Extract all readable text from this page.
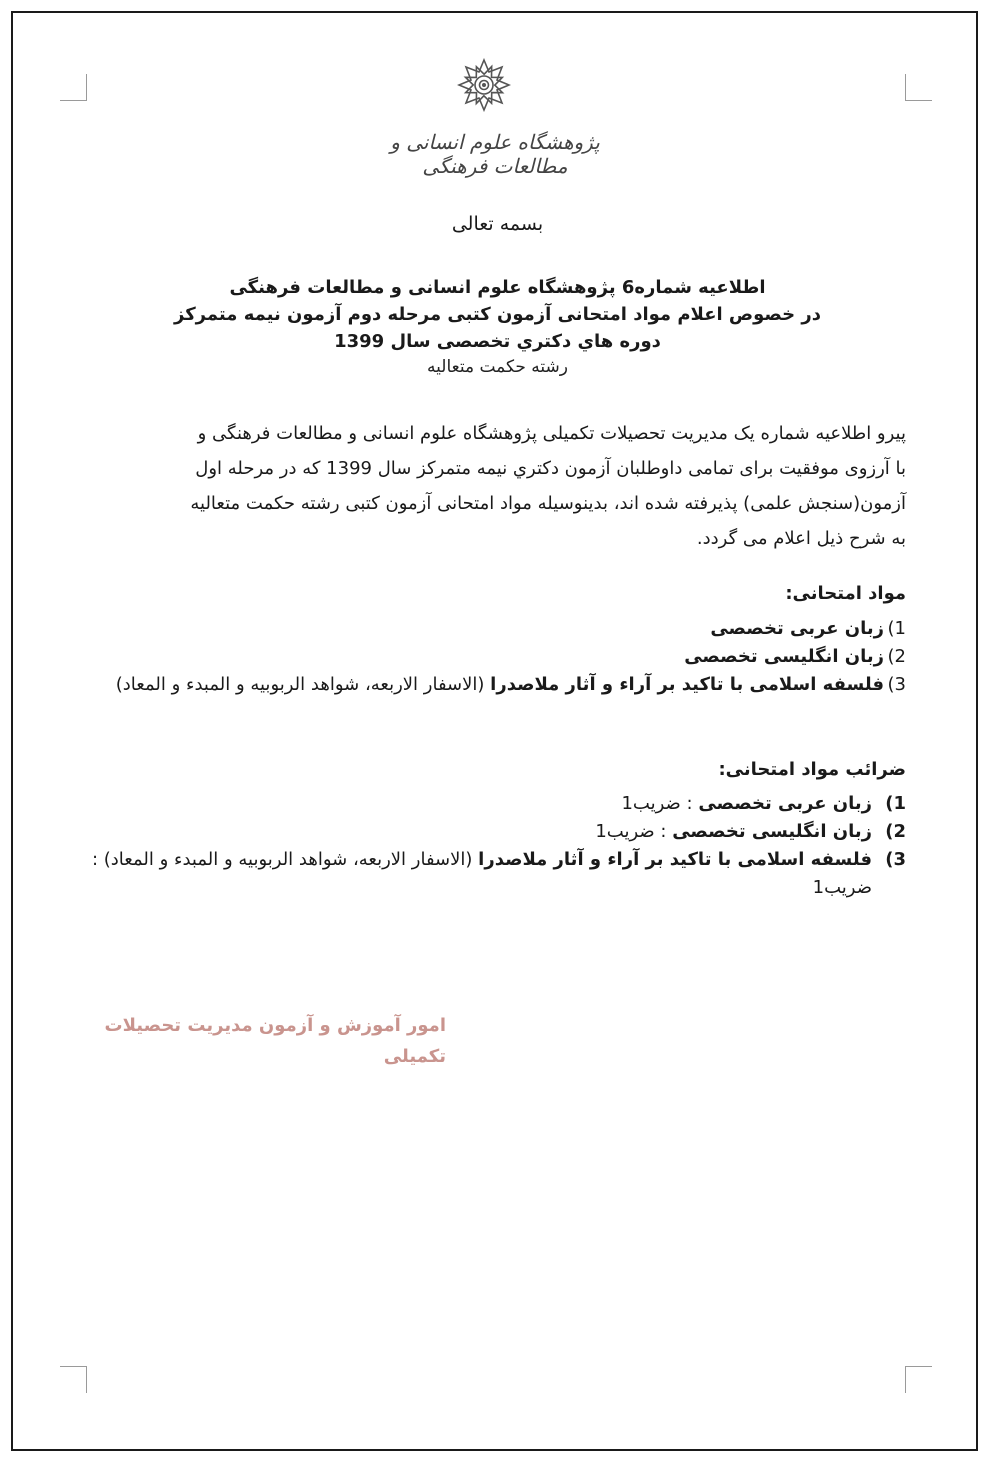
پژوهشگاه علوم انسانی و مطالعات فرهنگی
بسمه تعالی
اطلاعیه شماره6 پژوهشگاه علوم انسانی و مطالعات فرهنگی
در خصوص اعلام مواد امتحانی آزمون کتبی مرحله دوم آزمون نیمه متمرکز
دوره هاي دكتري تخصصی سال 1399
رشته حکمت متعالیه

پیرو اطلاعیه شماره یک مدیریت تحصیلات تکمیلی پژوهشگاه علوم انسانی و مطالعات فرهنگی و

با آرزوی موفقیت برای تمامی داوطلبان آزمون دکتري نیمه متمرکز سال 1399 که در مرحله اول

آزمون(سنجش علمی) پذیرفته شده اند، بدینوسیله مواد امتحانی آزمون کتبی رشته حکمت متعالیه

به شرح ذیل اعلام می گردد.

مواد امتحانی:
1)
زبان عربی تخصصی
2)
زبان انگلیسی تخصصی
3)
فلسفه اسلامی با تاکید بر آراء و آثار ملاصدرا (الاسفار الاربعه، شواهد الربوبیه و المبدء و المعاد)
ضرائب مواد امتحانی:
1)
زبان عربی تخصصی : ضریب1
2)
زبان انگلیسی تخصصی : ضریب1
3)
فلسفه اسلامی با تاکید بر آراء و آثار ملاصدرا (الاسفار الاربعه، شواهد الربوبیه و المبدء و المعاد) : ضریب1
امور آموزش و آزمون مدیریت تحصیلات
تکمیلی
